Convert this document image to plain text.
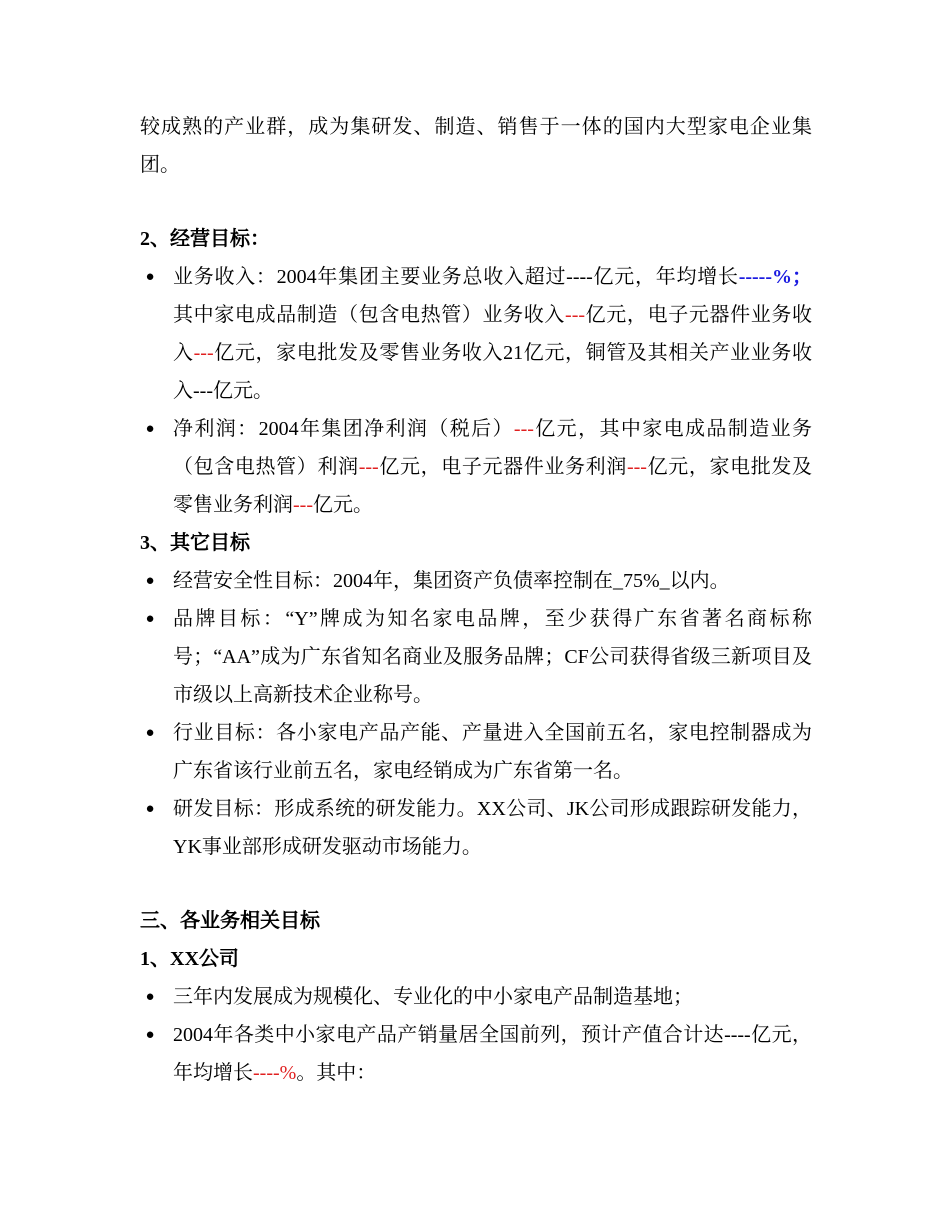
较成熟的产业群，成为集研发、制造、销售于一体的国内大型家电企业集团。

2、经营目标：

● 业务收入：2004年集团主要业务总收入超过----亿元，年均增长-----%；其中家电成品制造（包含电热管）业务收入---亿元，电子元器件业务收入---亿元，家电批发及零售业务收入21亿元，铜管及其相关产业业务收入---亿元。

● 净利润：2004年集团净利润（税后）---亿元，其中家电成品制造业务（包含电热管）利润---亿元，电子元器件业务利润---亿元，家电批发及零售业务利润---亿元。

3、其它目标

● 经营安全性目标：2004年，集团资产负债率控制在_75%_以内。

● 品牌目标：“Y”牌成为知名家电品牌，至少获得广东省著名商标称号；“AA”成为广东省知名商业及服务品牌；CF公司获得省级三新项目及市级以上高新技术企业称号。

● 行业目标：各小家电产品产能、产量进入全国前五名，家电控制器成为广东省该行业前五名，家电经销成为广东省第一名。

● 研发目标：形成系统的研发能力。XX公司、JK公司形成跟踪研发能力，YK事业部形成研发驱动市场能力。

三、各业务相关目标

1、XX公司

● 三年内发展成为规模化、专业化的中小家电产品制造基地；

● 2004年各类中小家电产品产销量居全国前列，预计产值合计达----亿元，年均增长----%。其中：
